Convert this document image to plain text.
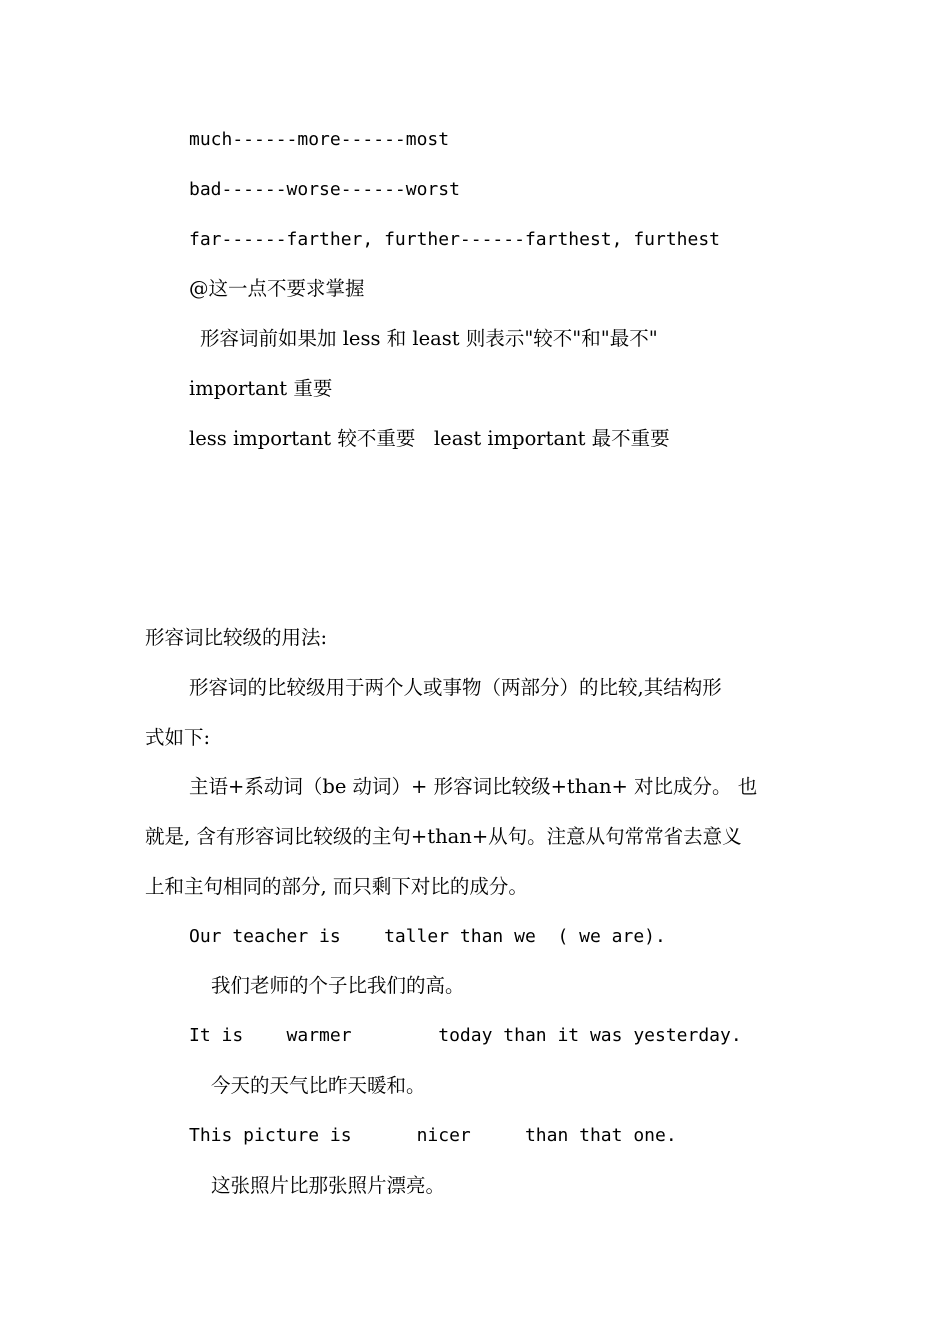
much------more------most
bad------worse------worst
far------farther, further------farthest, furthest
@这一点不要求掌握
形容词前如果加 less 和 least 则表示"较不"和"最不"
important 重要
less important 较不重要   least important 最不重要
形容词比较级的用法:
形容词的比较级用于两个人或事物（两部分）的比较,其结构形
式如下:
主语+系动词（be 动词）+ 形容词比较级+than+ 对比成分。 也
就是, 含有形容词比较级的主句+than+从句。注意从句常常省去意义
上和主句相同的部分, 而只剩下对比的成分。
Our teacher is    taller than we  ( we are).
我们老师的个子比我们的高。
It is    warmer        today than it was yesterday.
今天的天气比昨天暖和。
This picture is      nicer     than that one.
这张照片比那张照片漂亮。
